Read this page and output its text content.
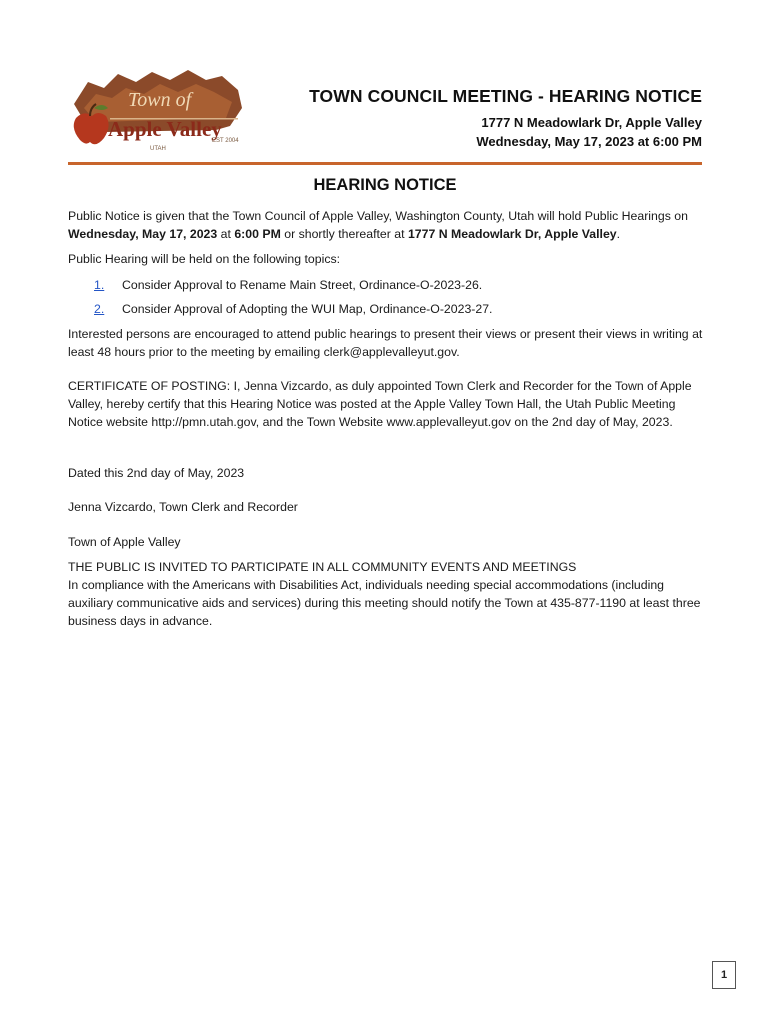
Town of
Apple Valley
EST 2004
UTAH
TOWN COUNCIL MEETING - HEARING NOTICE
1777 N Meadowlark Dr, Apple Valley
Wednesday, May 17, 2023 at 6:00 PM
HEARING NOTICE
Public Notice is given that the Town Council of Apple Valley, Washington County, Utah will hold Public Hearings on Wednesday, May 17, 2023 at 6:00 PM or shortly thereafter at 1777 N Meadowlark Dr, Apple Valley.
Public Hearing will be held on the following topics:
1.	Consider Approval to Rename Main Street, Ordinance-O-2023-26.
2.	Consider Approval of Adopting the WUI Map, Ordinance-O-2023-27.
Interested persons are encouraged to attend public hearings to present their views or present their views in writing at least 48 hours prior to the meeting by emailing clerk@applevalleyut.gov.
CERTIFICATE OF POSTING: I, Jenna Vizcardo, as duly appointed Town Clerk and Recorder for the Town of Apple Valley, hereby certify that this Hearing Notice was posted at the Apple Valley Town Hall, the Utah Public Meeting Notice website http://pmn.utah.gov, and the Town Website www.applevalleyut.gov on the 2nd day of May, 2023.
Dated this 2nd day of May, 2023
Jenna Vizcardo, Town Clerk and Recorder
Town of Apple Valley
THE PUBLIC IS INVITED TO PARTICIPATE IN ALL COMMUNITY EVENTS AND MEETINGS
In compliance with the Americans with Disabilities Act, individuals needing special accommodations (including auxiliary communicative aids and services) during this meeting should notify the Town at 435-877-1190 at least three business days in advance.
1
